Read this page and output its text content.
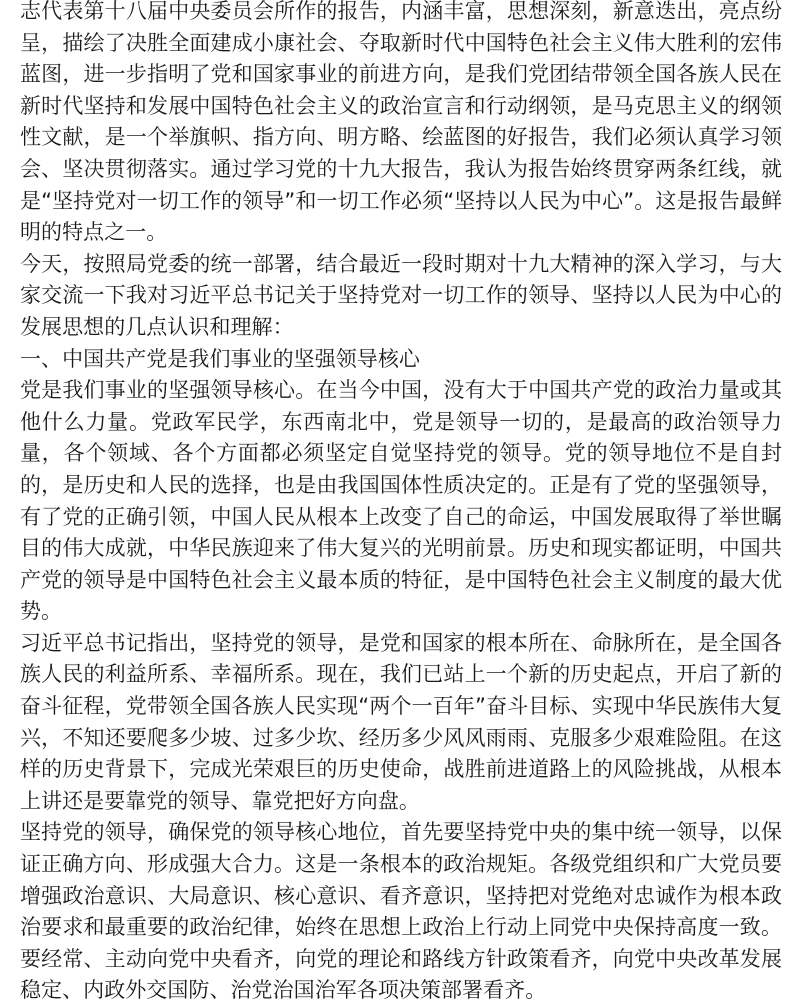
志代表第十八届中央委员会所作的报告，内涵丰富，思想深刻，新意迭出，亮点纷呈，描绘了决胜全面建成小康社会、夺取新时代中国特色社会主义伟大胜利的宏伟蓝图，进一步指明了党和国家事业的前进方向，是我们党团结带领全国各族人民在新时代坚持和发展中国特色社会主义的政治宣言和行动纲领，是马克思主义的纲领性文献，是一个举旗帜、指方向、明方略、绘蓝图的好报告，我们必须认真学习领会、坚决贯彻落实。通过学习党的十九大报告，我认为报告始终贯穿两条红线，就是“坚持党对一切工作的领导”和一切工作必须“坚持以人民为中心”。这是报告最鲜明的特点之一。

今天，按照局党委的统一部署，结合最近一段时期对十九大精神的深入学习，与大家交流一下我对习近平总书记关于坚持党对一切工作的领导、坚持以人民为中心的发展思想的几点认识和理解：

一、中国共产党是我们事业的坚强领导核心

党是我们事业的坚强领导核心。在当今中国，没有大于中国共产党的政治力量或其他什么力量。党政军民学，东西南北中，党是领导一切的，是最高的政治领导力量，各个领域、各个方面都必须坚定自觉坚持党的领导。党的领导地位不是自封的，是历史和人民的选择，也是由我国国体性质决定的。正是有了党的坚强领导，有了党的正确引领，中国人民从根本上改变了自己的命运，中国发展取得了举世瞩目的伟大成就，中华民族迎来了伟大复兴的光明前景。历史和现实都证明，中国共产党的领导是中国特色社会主义最本质的特征，是中国特色社会主义制度的最大优势。

习近平总书记指出，坚持党的领导，是党和国家的根本所在、命脉所在，是全国各族人民的利益所系、幸福所系。现在，我们已站上一个新的历史起点，开启了新的奋斗征程，党带领全国各族人民实现“两个一百年”奋斗目标、实现中华民族伟大复兴，不知还要爬多少坡、过多少坎、经历多少风风雨雨、克服多少艰难险阻。在这样的历史背景下，完成光荣艰巨的历史使命，战胜前进道路上的风险挑战，从根本上讲还是要靠党的领导、靠党把好方向盘。

坚持党的领导，确保党的领导核心地位，首先要坚持党中央的集中统一领导，以保证正确方向、形成强大合力。这是一条根本的政治规矩。各级党组织和广大党员要增强政治意识、大局意识、核心意识、看齐意识，坚持把对党绝对忠诚作为根本政治要求和最重要的政治纪律，始终在思想上政治上行动上同党中央保持高度一致。要经常、主动向党中央看齐，向党的理论和路线方针政策看齐，向党中央改革发展稳定、内政外交国防、治党治国治军各项决策部署看齐。
